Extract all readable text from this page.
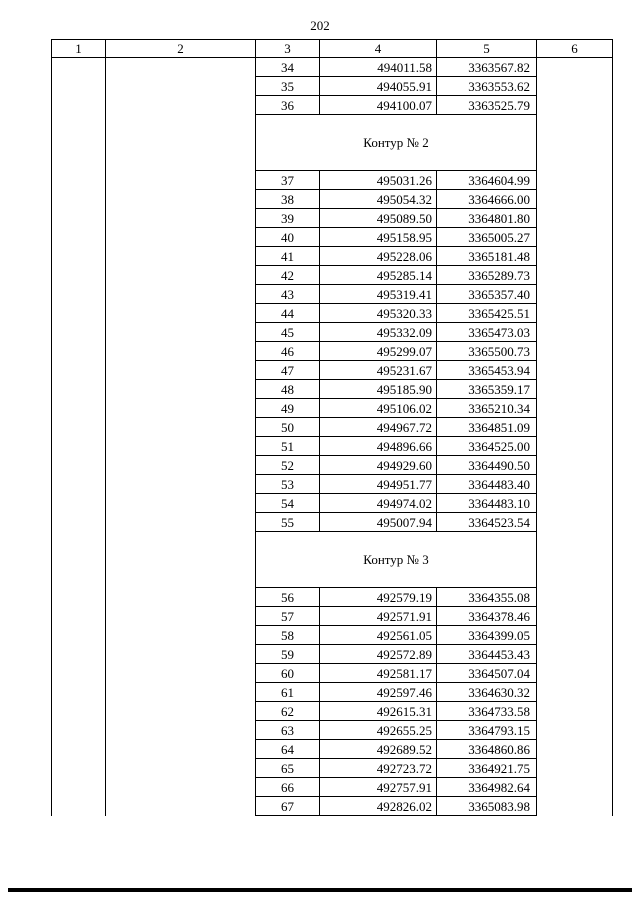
202
1	2	3	4	5	6
		34	494011.58	3363567.82	
		35	494055.91	3363553.62	
		36	494100.07	3363525.79	
		Контур № 2			
		37	495031.26	3364604.99	
		38	495054.32	3364666.00	
		39	495089.50	3364801.80	
		40	495158.95	3365005.27	
		41	495228.06	3365181.48	
		42	495285.14	3365289.73	
		43	495319.41	3365357.40	
		44	495320.33	3365425.51	
		45	495332.09	3365473.03	
		46	495299.07	3365500.73	
		47	495231.67	3365453.94	
		48	495185.90	3365359.17	
		49	495106.02	3365210.34	
		50	494967.72	3364851.09	
		51	494896.66	3364525.00	
		52	494929.60	3364490.50	
		53	494951.77	3364483.40	
		54	494974.02	3364483.10	
		55	495007.94	3364523.54	
		Контур № 3			
		56	492579.19	3364355.08	
		57	492571.91	3364378.46	
		58	492561.05	3364399.05	
		59	492572.89	3364453.43	
		60	492581.17	3364507.04	
		61	492597.46	3364630.32	
		62	492615.31	3364733.58	
		63	492655.25	3364793.15	
		64	492689.52	3364860.86	
		65	492723.72	3364921.75	
		66	492757.91	3364982.64	
		67	492826.02	3365083.98	
